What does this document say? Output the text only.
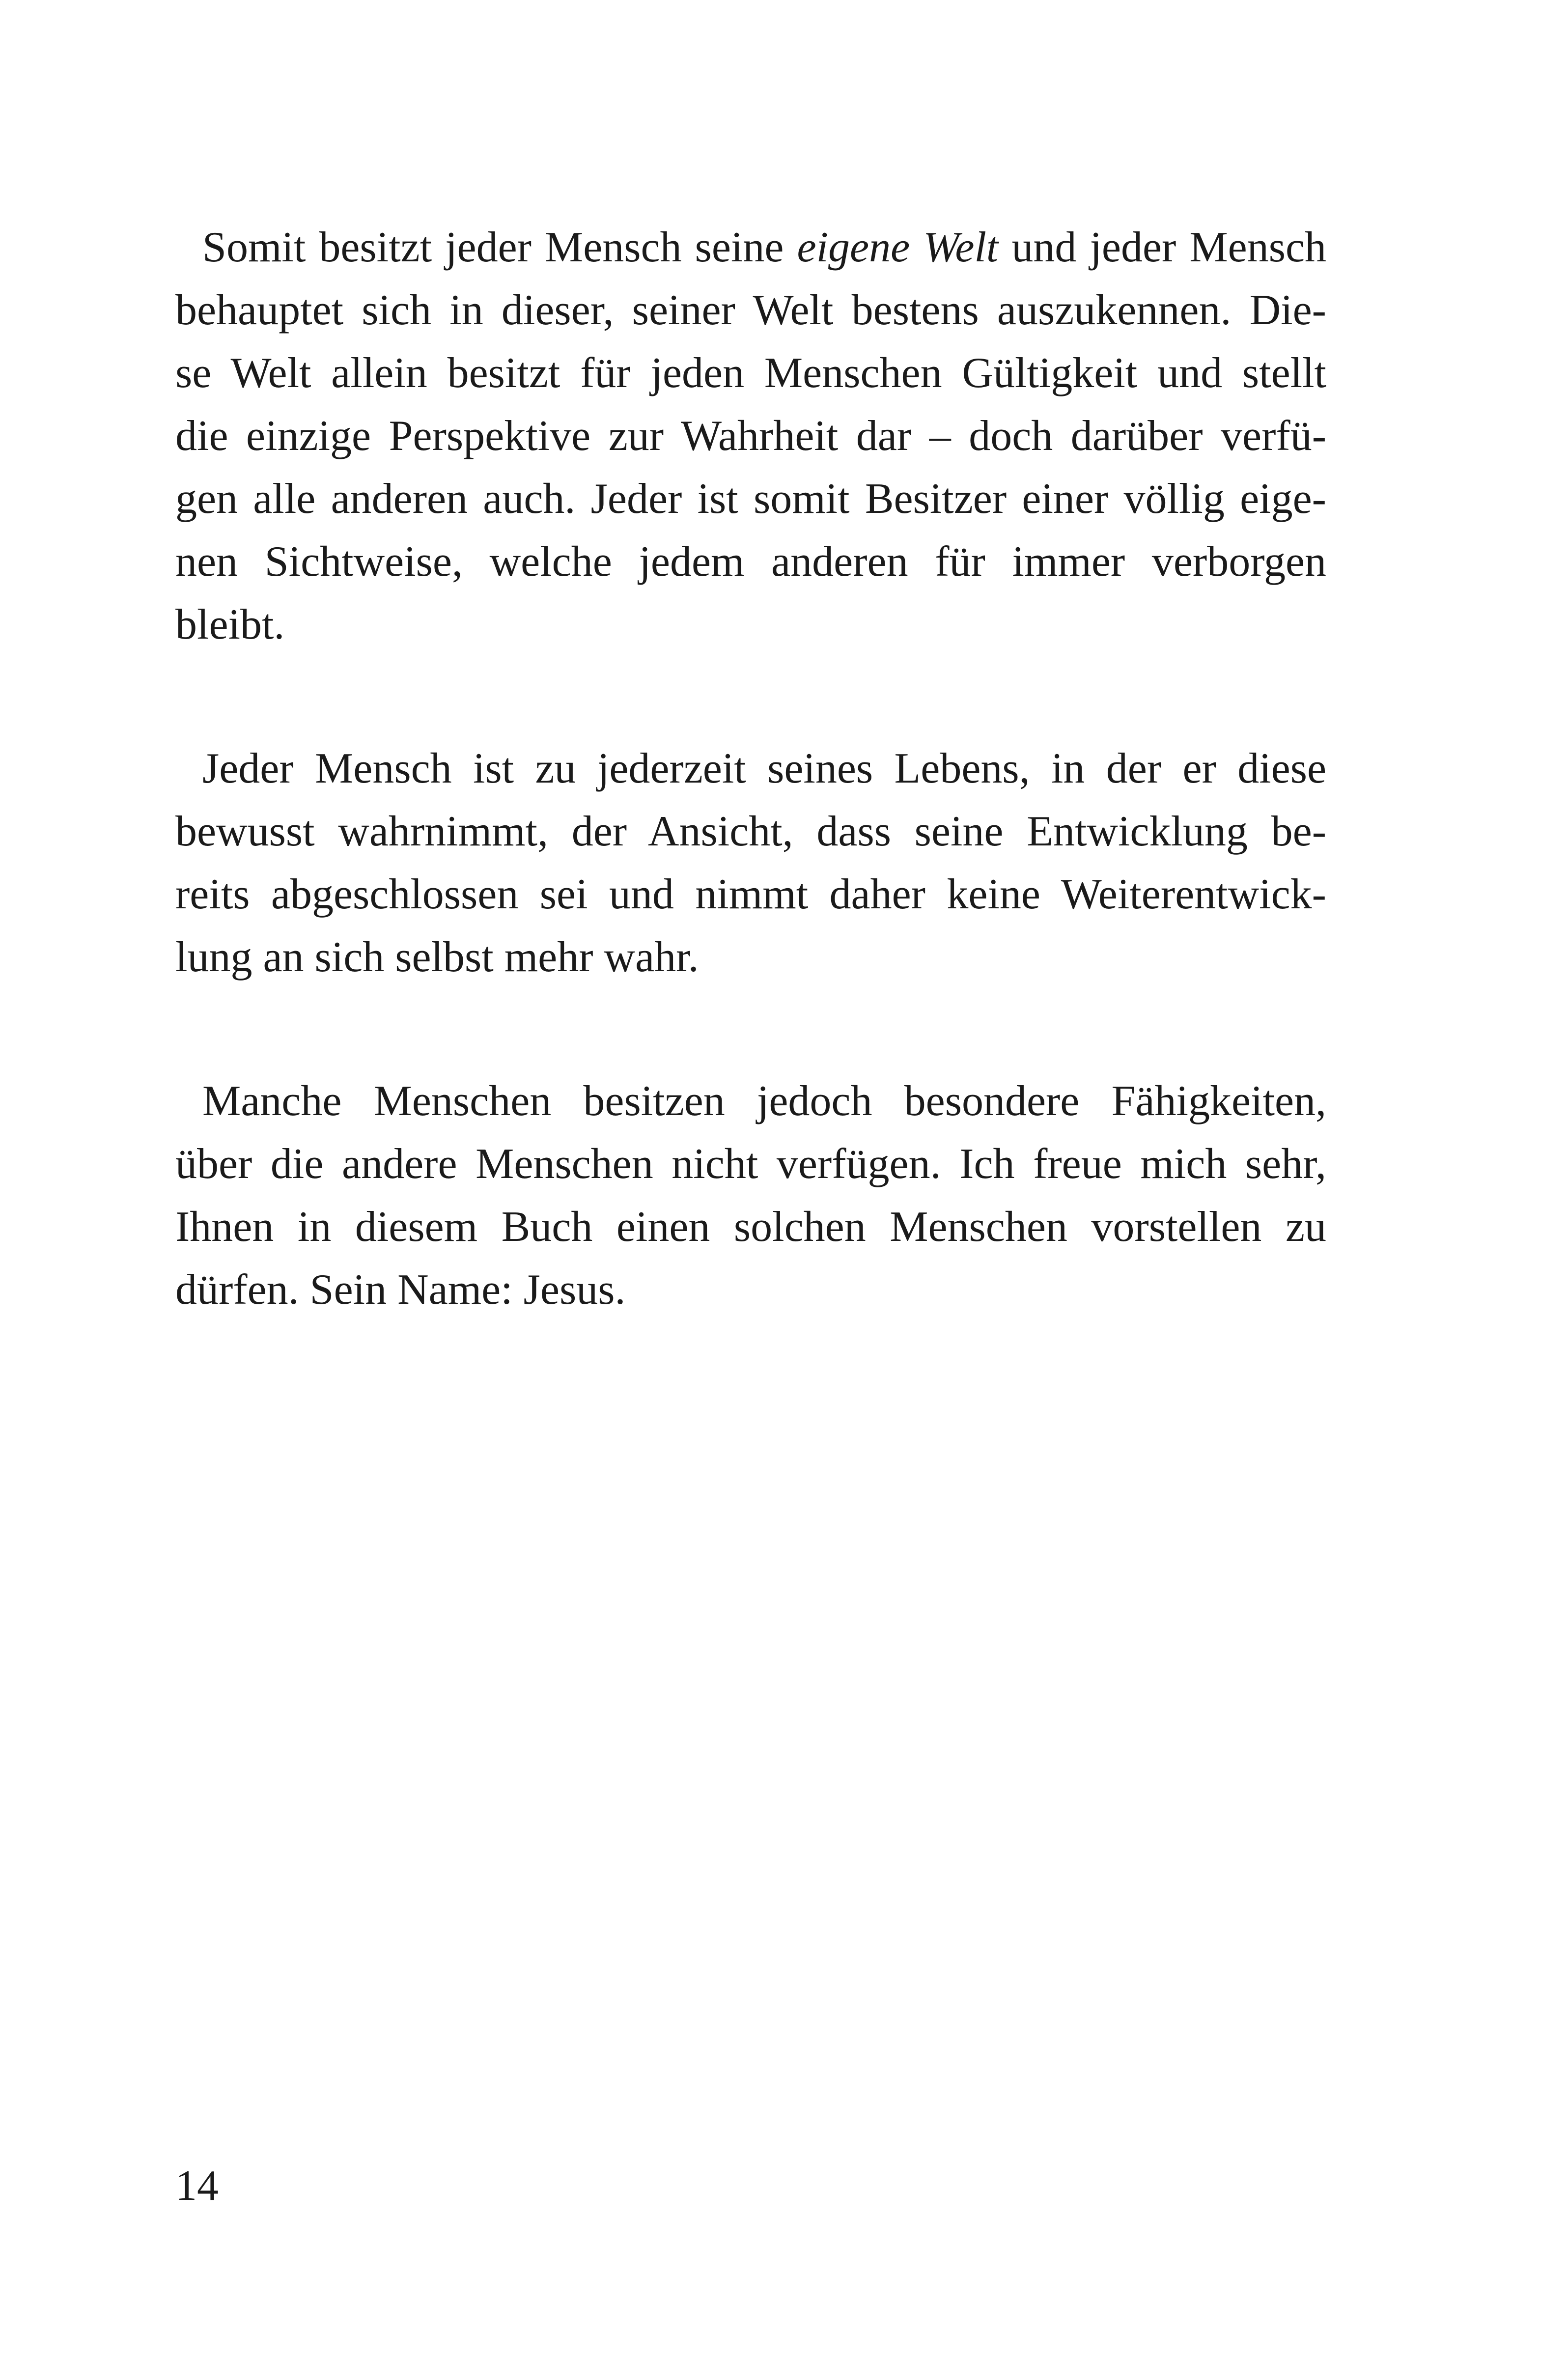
Somit besitzt jeder Mensch seine eigene Welt und jeder Mensch
behauptet sich in dieser, seiner Welt bestens auszukennen. Die-
se Welt allein besitzt für jeden Menschen Gültigkeit und stellt
die einzige Perspektive zur Wahrheit dar – doch darüber verfü-
gen alle anderen auch. Jeder ist somit Besitzer einer völlig eige-
nen Sichtweise, welche jedem anderen für immer verborgen
bleibt.

Jeder Mensch ist zu jederzeit seines Lebens, in der er diese
bewusst wahrnimmt, der Ansicht, dass seine Entwicklung be-
reits abgeschlossen sei und nimmt daher keine Weiterentwick-
lung an sich selbst mehr wahr.

Manche Menschen besitzen jedoch besondere Fähigkeiten,
über die andere Menschen nicht verfügen. Ich freue mich sehr,
Ihnen in diesem Buch einen solchen Menschen vorstellen zu
dürfen. Sein Name: Jesus.

14
